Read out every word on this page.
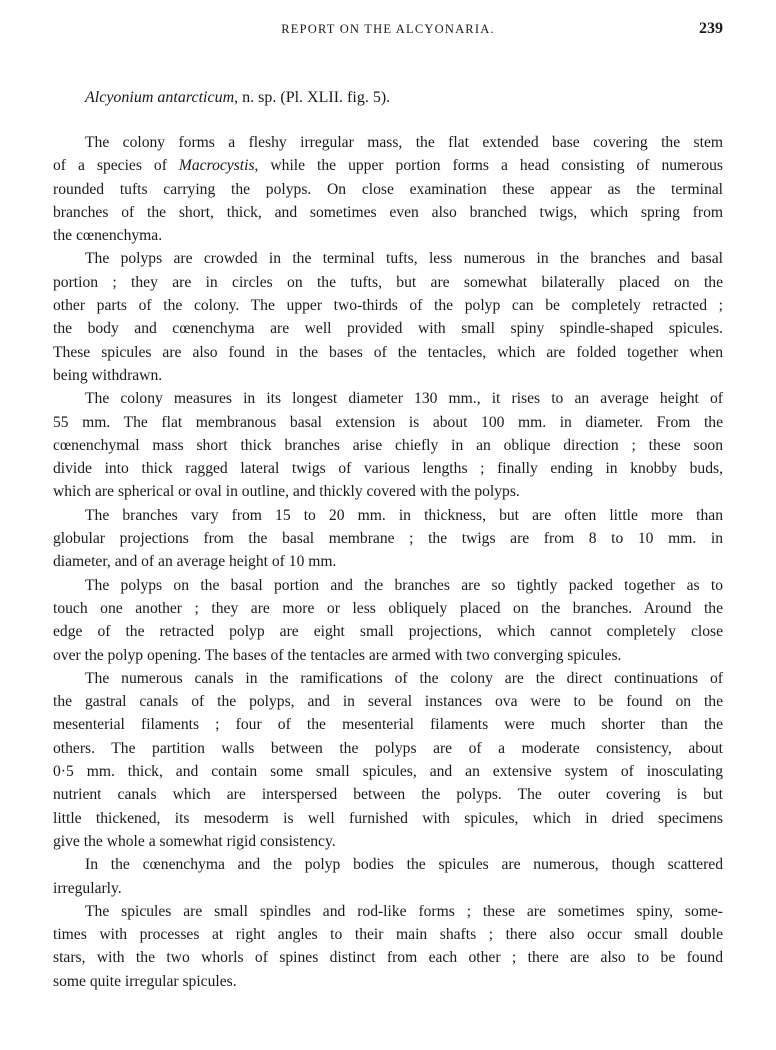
REPORT ON THE ALCYONARIA.	239
Alcyonium antarcticum, n. sp. (Pl. XLII. fig. 5).
The colony forms a fleshy irregular mass, the flat extended base covering the stem
of a species of Macrocystis, while the upper portion forms a head consisting of numerous
rounded tufts carrying the polyps. On close examination these appear as the terminal
branches of the short, thick, and sometimes even also branched twigs, which spring from
the cœnenchyma.
The polyps are crowded in the terminal tufts, less numerous in the branches and basal
portion ; they are in circles on the tufts, but are somewhat bilaterally placed on the
other parts of the colony. The upper two-thirds of the polyp can be completely retracted ;
the body and cœnenchyma are well provided with small spiny spindle-shaped spicules.
These spicules are also found in the bases of the tentacles, which are folded together when
being withdrawn.
The colony measures in its longest diameter 130 mm., it rises to an average height of
55 mm. The flat membranous basal extension is about 100 mm. in diameter. From the
cœnenchymal mass short thick branches arise chiefly in an oblique direction ; these soon
divide into thick ragged lateral twigs of various lengths ; finally ending in knobby buds,
which are spherical or oval in outline, and thickly covered with the polyps.
The branches vary from 15 to 20 mm. in thickness, but are often little more than
globular projections from the basal membrane ; the twigs are from 8 to 10 mm. in
diameter, and of an average height of 10 mm.
The polyps on the basal portion and the branches are so tightly packed together as to
touch one another ; they are more or less obliquely placed on the branches. Around the
edge of the retracted polyp are eight small projections, which cannot completely close
over the polyp opening. The bases of the tentacles are armed with two converging spicules.
The numerous canals in the ramifications of the colony are the direct continuations of
the gastral canals of the polyps, and in several instances ova were to be found on the
mesenterial filaments ; four of the mesenterial filaments were much shorter than the
others. The partition walls between the polyps are of a moderate consistency, about
0·5 mm. thick, and contain some small spicules, and an extensive system of inosculating
nutrient canals which are interspersed between the polyps. The outer covering is but
little thickened, its mesoderm is well furnished with spicules, which in dried specimens
give the whole a somewhat rigid consistency.
In the cœnenchyma and the polyp bodies the spicules are numerous, though scattered
irregularly.
The spicules are small spindles and rod-like forms ; these are sometimes spiny, some-
times with processes at right angles to their main shafts ; there also occur small double
stars, with the two whorls of spines distinct from each other ; there are also to be found
some quite irregular spicules.
